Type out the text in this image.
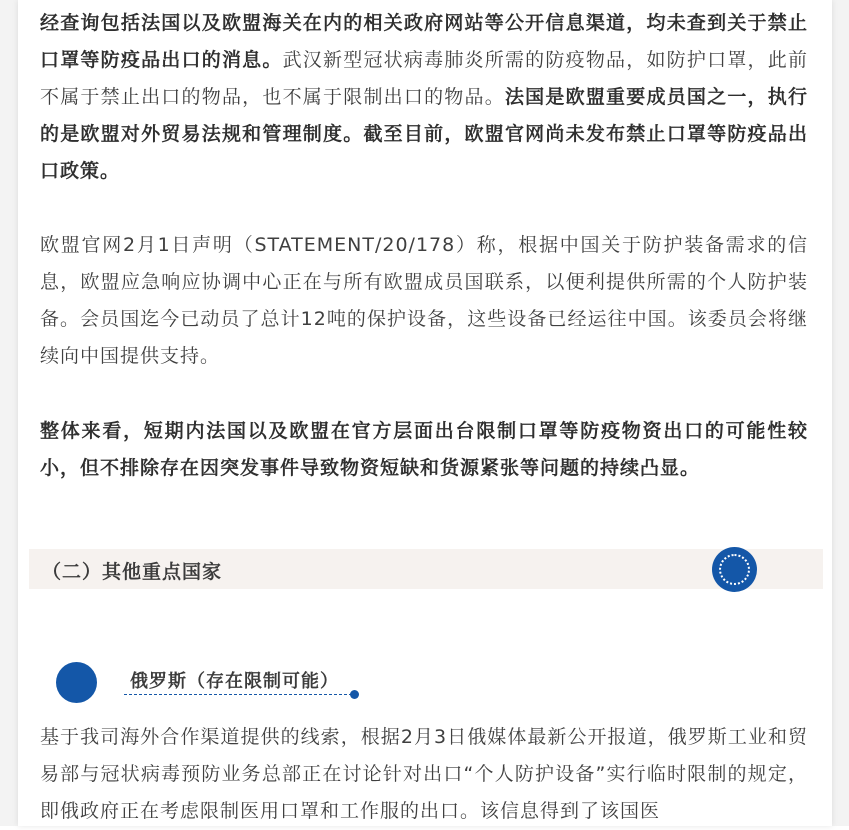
经查询包括法国以及欧盟海关在内的相关政府网站等公开信息渠道，均未查到关于禁止口罩等防疫品出口的消息。武汉新型冠状病毒肺炎所需的防疫物品，如防护口罩，此前不属于禁止出口的物品，也不属于限制出口的物品。法国是欧盟重要成员国之一，执行的是欧盟对外贸易法规和管理制度。截至目前，欧盟官网尚未发布禁止口罩等防疫品出口政策。
欧盟官网2月1日声明（STATEMENT/20/178）称，根据中国关于防护装备需求的信息，欧盟应急响应协调中心正在与所有欧盟成员国联系，以便利提供所需的个人防护装备。会员国迄今已动员了总计12吨的保护设备，这些设备已经运往中国。该委员会将继续向中国提供支持。
整体来看，短期内法国以及欧盟在官方层面出台限制口罩等防疫物资出口的可能性较小，但不排除存在因突发事件导致物资短缺和货源紧张等问题的持续凸显。
（二）其他重点国家
俄罗斯（存在限制可能）
基于我司海外合作渠道提供的线索，根据2月3日俄媒体最新公开报道，俄罗斯工业和贸易部与冠状病毒预防业务总部正在讨论针对出口“个人防护设备”实行临时限制的规定，即俄政府正在考虑限制医用口罩和工作服的出口。该信息得到了该国医
